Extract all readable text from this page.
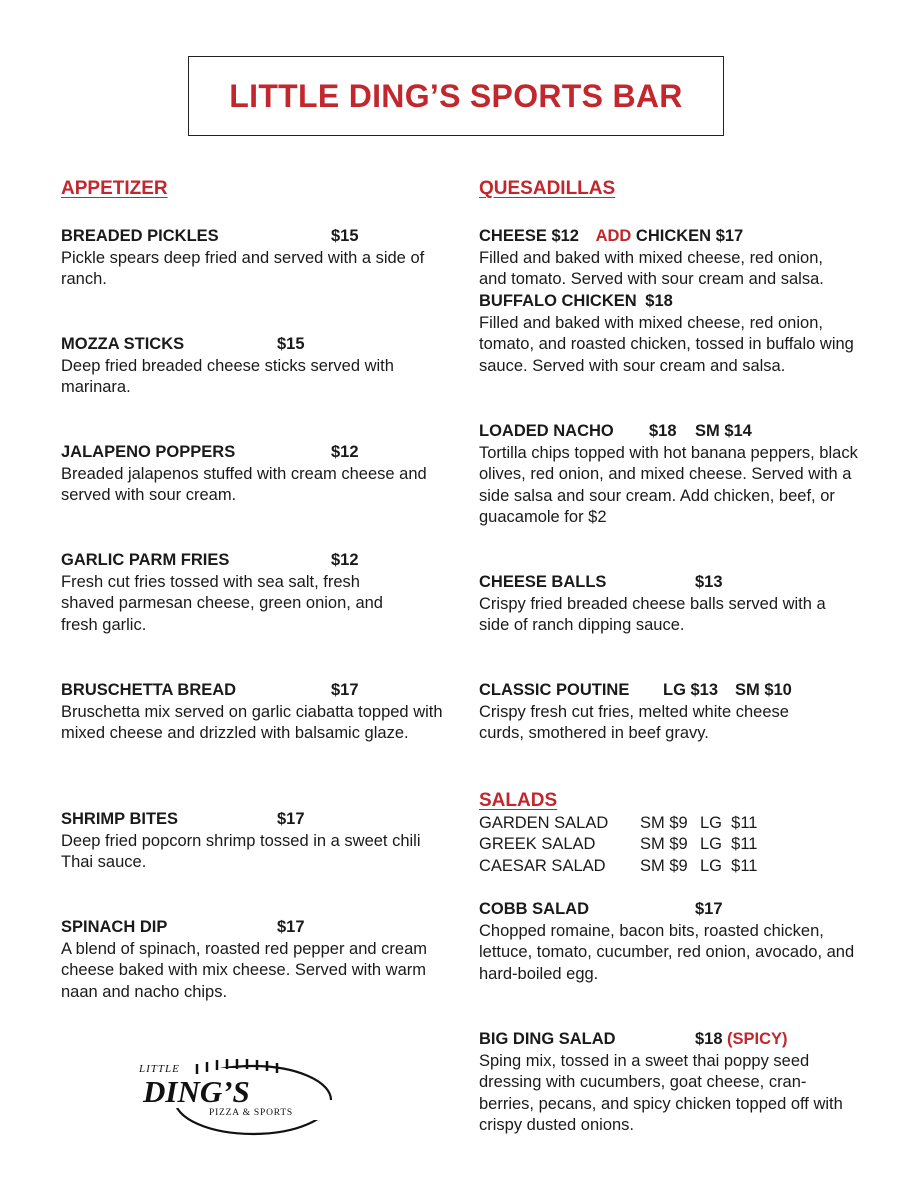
LITTLE DING’S SPORTS BAR
APPETIZER
BREADED PICKLES	$15
Pickle spears deep fried and served with a side of ranch.
MOZZA STICKS	$15
Deep fried breaded cheese sticks served with marinara.
JALAPENO POPPERS	$12
Breaded jalapenos stuffed with cream cheese and served with sour cream.
GARLIC PARM FRIES	$12
Fresh cut fries tossed with sea salt, fresh shaved parmesan cheese, green onion, and fresh garlic.
BRUSCHETTA BREAD	$17
Bruschetta mix served on garlic ciabatta topped with mixed cheese and drizzled with balsamic glaze.
SHRIMP BITES	$17
Deep fried popcorn shrimp tossed in a sweet chili Thai sauce.
SPINACH DIP	$17
A blend of spinach, roasted red pepper and cream cheese baked with mix cheese. Served with warm naan and nacho chips.
LITTLE
DING’S
PIZZA & SPORTS
QUESADILLAS
CHEESE $12 ADD CHICKEN $17
Filled and baked with mixed cheese, red onion, and tomato. Served with sour cream and salsa.
BUFFALO CHICKEN $18
Filled and baked with mixed cheese, red onion, tomato, and roasted chicken, tossed in buffalo wing sauce. Served with sour cream and salsa.
LOADED NACHO $18 SM $14
Tortilla chips topped with hot banana peppers, black olives, red onion, and mixed cheese. Served with a side salsa and sour cream. Add chicken, beef, or guacamole for $2
CHEESE BALLS	$13
Crispy fried breaded cheese balls served with a side of ranch dipping sauce.
CLASSIC POUTINE LG $13 SM $10
Crispy fresh cut fries, melted white cheese curds, smothered in beef gravy.
SALADS
GARDEN SALAD SM $9 LG  $11
GREEK SALAD	SM $9 LG  $11
CAESAR SALAD SM $9 LG  $11
COBB SALAD	$17
Chopped romaine, bacon bits, roasted chicken, lettuce, tomato, cucumber, red onion, avocado, and hard-boiled egg.
BIG DING SALAD	$18 (SPICY)
Sping mix, tossed in a sweet thai poppy seed dressing with cucumbers, goat cheese, cran-berries, pecans, and spicy chicken topped off with crispy dusted onions.
